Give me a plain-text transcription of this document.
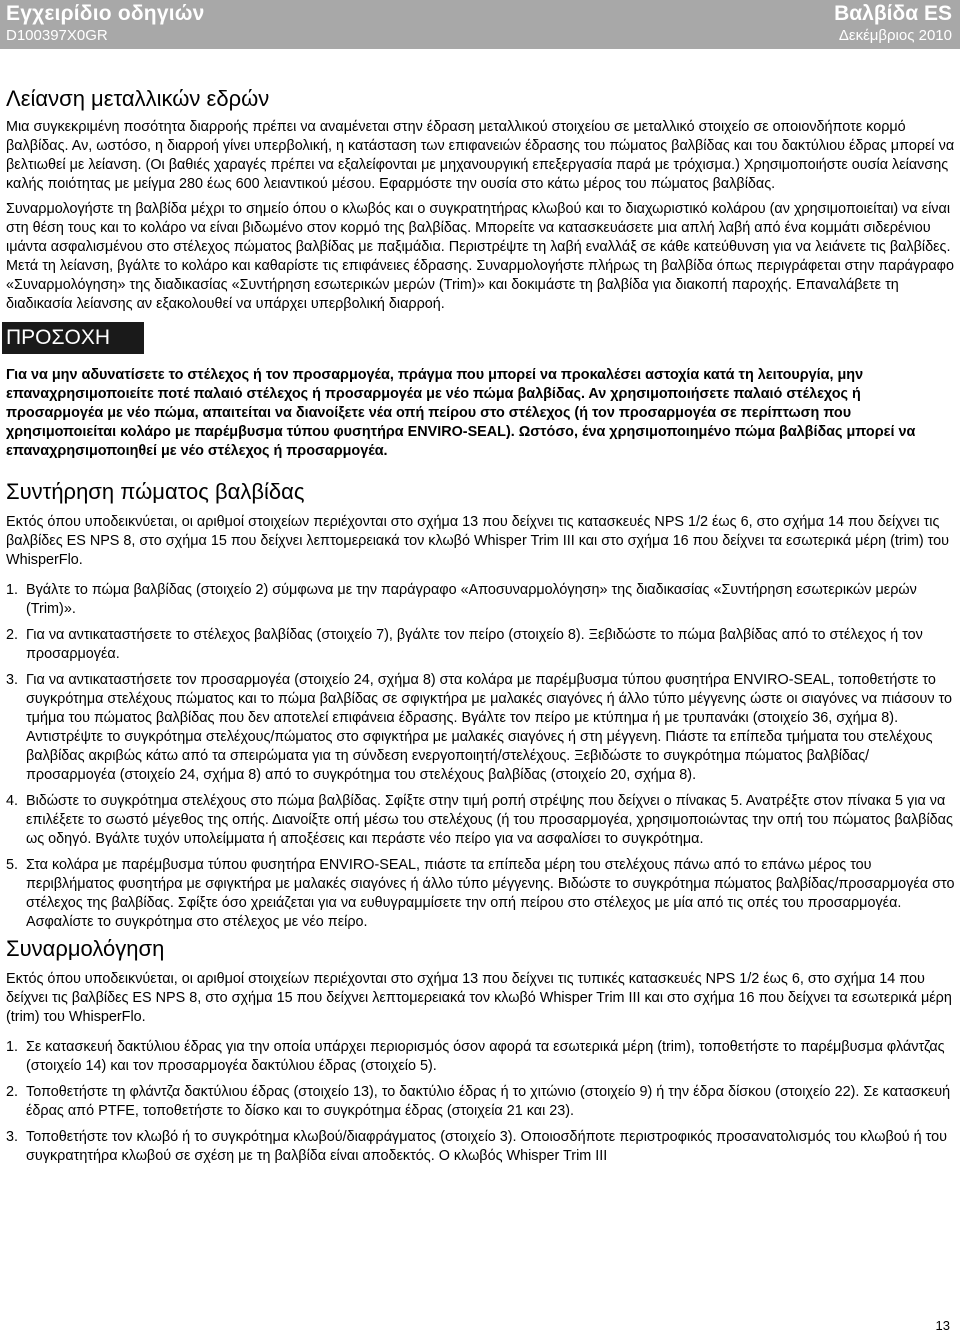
Εγχειρίδιο οδηγιών
D100397X0GR
Βαλβίδα ES
Δεκέμβριος 2010
Λείανση μεταλλικών εδρών

Μια συγκεκριμένη ποσότητα διαρροής πρέπει να αναμένεται στην έδραση μεταλλικού στοιχείου σε μεταλλικό στοιχείο σε οποιονδήποτε κορμό βαλβίδας. Αν, ωστόσο, η διαρροή γίνει υπερβολική, η κατάσταση των επιφανειών έδρασης του πώματος βαλβίδας και του δακτύλιου έδρας μπορεί να βελτιωθεί με λείανση. (Οι βαθιές χαραγές πρέπει να εξαλείφονται με μηχανουργική επεξεργασία παρά με τρόχισμα.) Χρησιμοποιήστε ουσία λείανσης καλής ποιότητας με μείγμα 280 έως 600 λειαντικού μέσου. Εφαρμόστε την ουσία στο κάτω μέρος του πώματος βαλβίδας.

Συναρμολογήστε τη βαλβίδα μέχρι το σημείο όπου ο κλωβός και ο συγκρατητήρας κλωβού και το διαχωριστικό κολάρου (αν χρησιμοποιείται) να είναι στη θέση τους και το κολάρο να είναι βιδωμένο στον κορμό της βαλβίδας. Μπορείτε να κατασκευάσετε μια απλή λαβή από ένα κομμάτι σιδερένιου ιμάντα ασφαλισμένου στο στέλεχος πώματος βαλβίδας με παξιμάδια. Περιστρέψτε τη λαβή εναλλάξ σε κάθε κατεύθυνση για να λειάνετε τις βαλβίδες. Μετά τη λείανση, βγάλτε το κολάρο και καθαρίστε τις επιφάνειες έδρασης. Συναρμολογήστε πλήρως τη βαλβίδα όπως περιγράφεται στην παράγραφο «Συναρμολόγηση» της διαδικασίας «Συντήρηση εσωτερικών μερών (Trim)» και δοκιμάστε τη βαλβίδα για διακοπή παροχής. Επαναλάβετε τη διαδικασία λείανσης αν εξακολουθεί να υπάρχει υπερβολική διαρροή.

ΠΡΟΣΟΧΗ

Για να μην αδυνατίσετε το στέλεχος ή τον προσαρμογέα, πράγμα που μπορεί να προκαλέσει αστοχία κατά τη λειτουργία, μην επαναχρησιμοποιείτε ποτέ παλαιό στέλεχος ή προσαρμογέα με νέο πώμα βαλβίδας. Αν χρησιμοποιήσετε παλαιό στέλεχος ή προσαρμογέα με νέο πώμα, απαιτείται να διανοίξετε νέα οπή πείρου στο στέλεχος (ή τον προσαρμογέα σε περίπτωση που χρησιμοποιείται κολάρο με παρέμβυσμα τύπου φυσητήρα ENVIRO-SEAL). Ωστόσο, ένα χρησιμοποιημένο πώμα βαλβίδας μπορεί να επαναχρησιμοποιηθεί με νέο στέλεχος ή προσαρμογέα.

Συντήρηση πώματος βαλβίδας

Εκτός όπου υποδεικνύεται, οι αριθμοί στοιχείων περιέχονται στο σχήμα 13 που δείχνει τις κατασκευές NPS 1/2 έως 6, στο σχήμα 14 που δείχνει τις βαλβίδες ES NPS 8, στο σχήμα 15 που δείχνει λεπτομερειακά τον κλωβό Whisper Trim III και στο σχήμα 16 που δείχνει τα εσωτερικά μέρη (trim) του WhisperFlo.

1. Βγάλτε το πώμα βαλβίδας (στοιχείο 2) σύμφωνα με την παράγραφο «Αποσυναρμολόγηση» της διαδικασίας «Συντήρηση εσωτερικών μερών (Trim)».
2. Για να αντικαταστήσετε το στέλεχος βαλβίδας (στοιχείο 7), βγάλτε τον πείρο (στοιχείο 8). Ξεβιδώστε το πώμα βαλβίδας από το στέλεχος ή τον προσαρμογέα.
3. Για να αντικαταστήσετε τον προσαρμογέα (στοιχείο 24, σχήμα 8) στα κολάρα με παρέμβυσμα τύπου φυσητήρα ENVIRO-SEAL, τοποθετήστε το συγκρότημα στελέχους πώματος και το πώμα βαλβίδας σε σφιγκτήρα με μαλακές σιαγόνες ή άλλο τύπο μέγγενης ώστε οι σιαγόνες να πιάσουν το τμήμα του πώματος βαλβίδας που δεν αποτελεί επιφάνεια έδρασης. Βγάλτε τον πείρο με κτύπημα ή με τρυπανάκι (στοιχείο 36, σχήμα 8). Αντιστρέψτε το συγκρότημα στελέχους/πώματος στο σφιγκτήρα με μαλακές σιαγόνες ή στη μέγγενη. Πιάστε τα επίπεδα τμήματα του στελέχους βαλβίδας ακριβώς κάτω από τα σπειρώματα για τη σύνδεση ενεργοποιητή/στελέχους. Ξεβιδώστε το συγκρότημα πώματος βαλβίδας/προσαρμογέα (στοιχείο 24, σχήμα 8) από το συγκρότημα του στελέχους βαλβίδας (στοιχείο 20, σχήμα 8).
4. Βιδώστε το συγκρότημα στελέχους στο πώμα βαλβίδας. Σφίξτε στην τιμή ροπή στρέψης που δείχνει ο πίνακας 5. Ανατρέξτε στον πίνακα 5 για να επιλέξετε το σωστό μέγεθος της οπής. Διανοίξτε οπή μέσω του στελέχους (ή του προσαρμογέα, χρησιμοποιώντας την οπή του πώματος βαλβίδας ως οδηγό. Βγάλτε τυχόν υπολείμματα ή αποξέσεις και περάστε νέο πείρο για να ασφαλίσει το συγκρότημα.
5. Στα κολάρα με παρέμβυσμα τύπου φυσητήρα ENVIRO-SEAL, πιάστε τα επίπεδα μέρη του στελέχους πάνω από το επάνω μέρος του περιβλήματος φυσητήρα με σφιγκτήρα με μαλακές σιαγόνες ή άλλο τύπο μέγγενης. Βιδώστε το συγκρότημα πώματος βαλβίδας/προσαρμογέα στο στέλεχος της βαλβίδας. Σφίξτε όσο χρειάζεται για να ευθυγραμμίσετε την οπή πείρου στο στέλεχος με μία από τις οπές του προσαρμογέα. Ασφαλίστε το συγκρότημα στο στέλεχος με νέο πείρο.
Συναρμολόγηση

Εκτός όπου υποδεικνύεται, οι αριθμοί στοιχείων περιέχονται στο σχήμα 13 που δείχνει τις τυπικές κατασκευές NPS 1/2 έως 6, στο σχήμα 14 που δείχνει τις βαλβίδες ES NPS 8, στο σχήμα 15 που δείχνει λεπτομερειακά τον κλωβό Whisper Trim III και στο σχήμα 16 που δείχνει τα εσωτερικά μέρη (trim) του WhisperFlo.

1. Σε κατασκευή δακτύλιου έδρας για την οποία υπάρχει περιορισμός όσον αφορά τα εσωτερικά μέρη (trim), τοποθετήστε το παρέμβυσμα φλάντζας (στοιχείο 14) και τον προσαρμογέα δακτύλιου έδρας (στοιχείο 5).
2. Τοποθετήστε τη φλάντζα δακτύλιου έδρας (στοιχείο 13), το δακτύλιο έδρας ή το χιτώνιο (στοιχείο 9) ή την έδρα δίσκου (στοιχείο 22). Σε κατασκευή έδρας από PTFE, τοποθετήστε το δίσκο και το συγκρότημα έδρας (στοιχεία 21 και 23).
3. Τοποθετήστε τον κλωβό ή το συγκρότημα κλωβού/διαφράγματος (στοιχείο 3). Οποιοσδήποτε περιστροφικός προσανατολισμός του κλωβού ή του συγκρατητήρα κλωβού σε σχέση με τη βαλβίδα είναι αποδεκτός. Ο κλωβός Whisper Trim III
13
